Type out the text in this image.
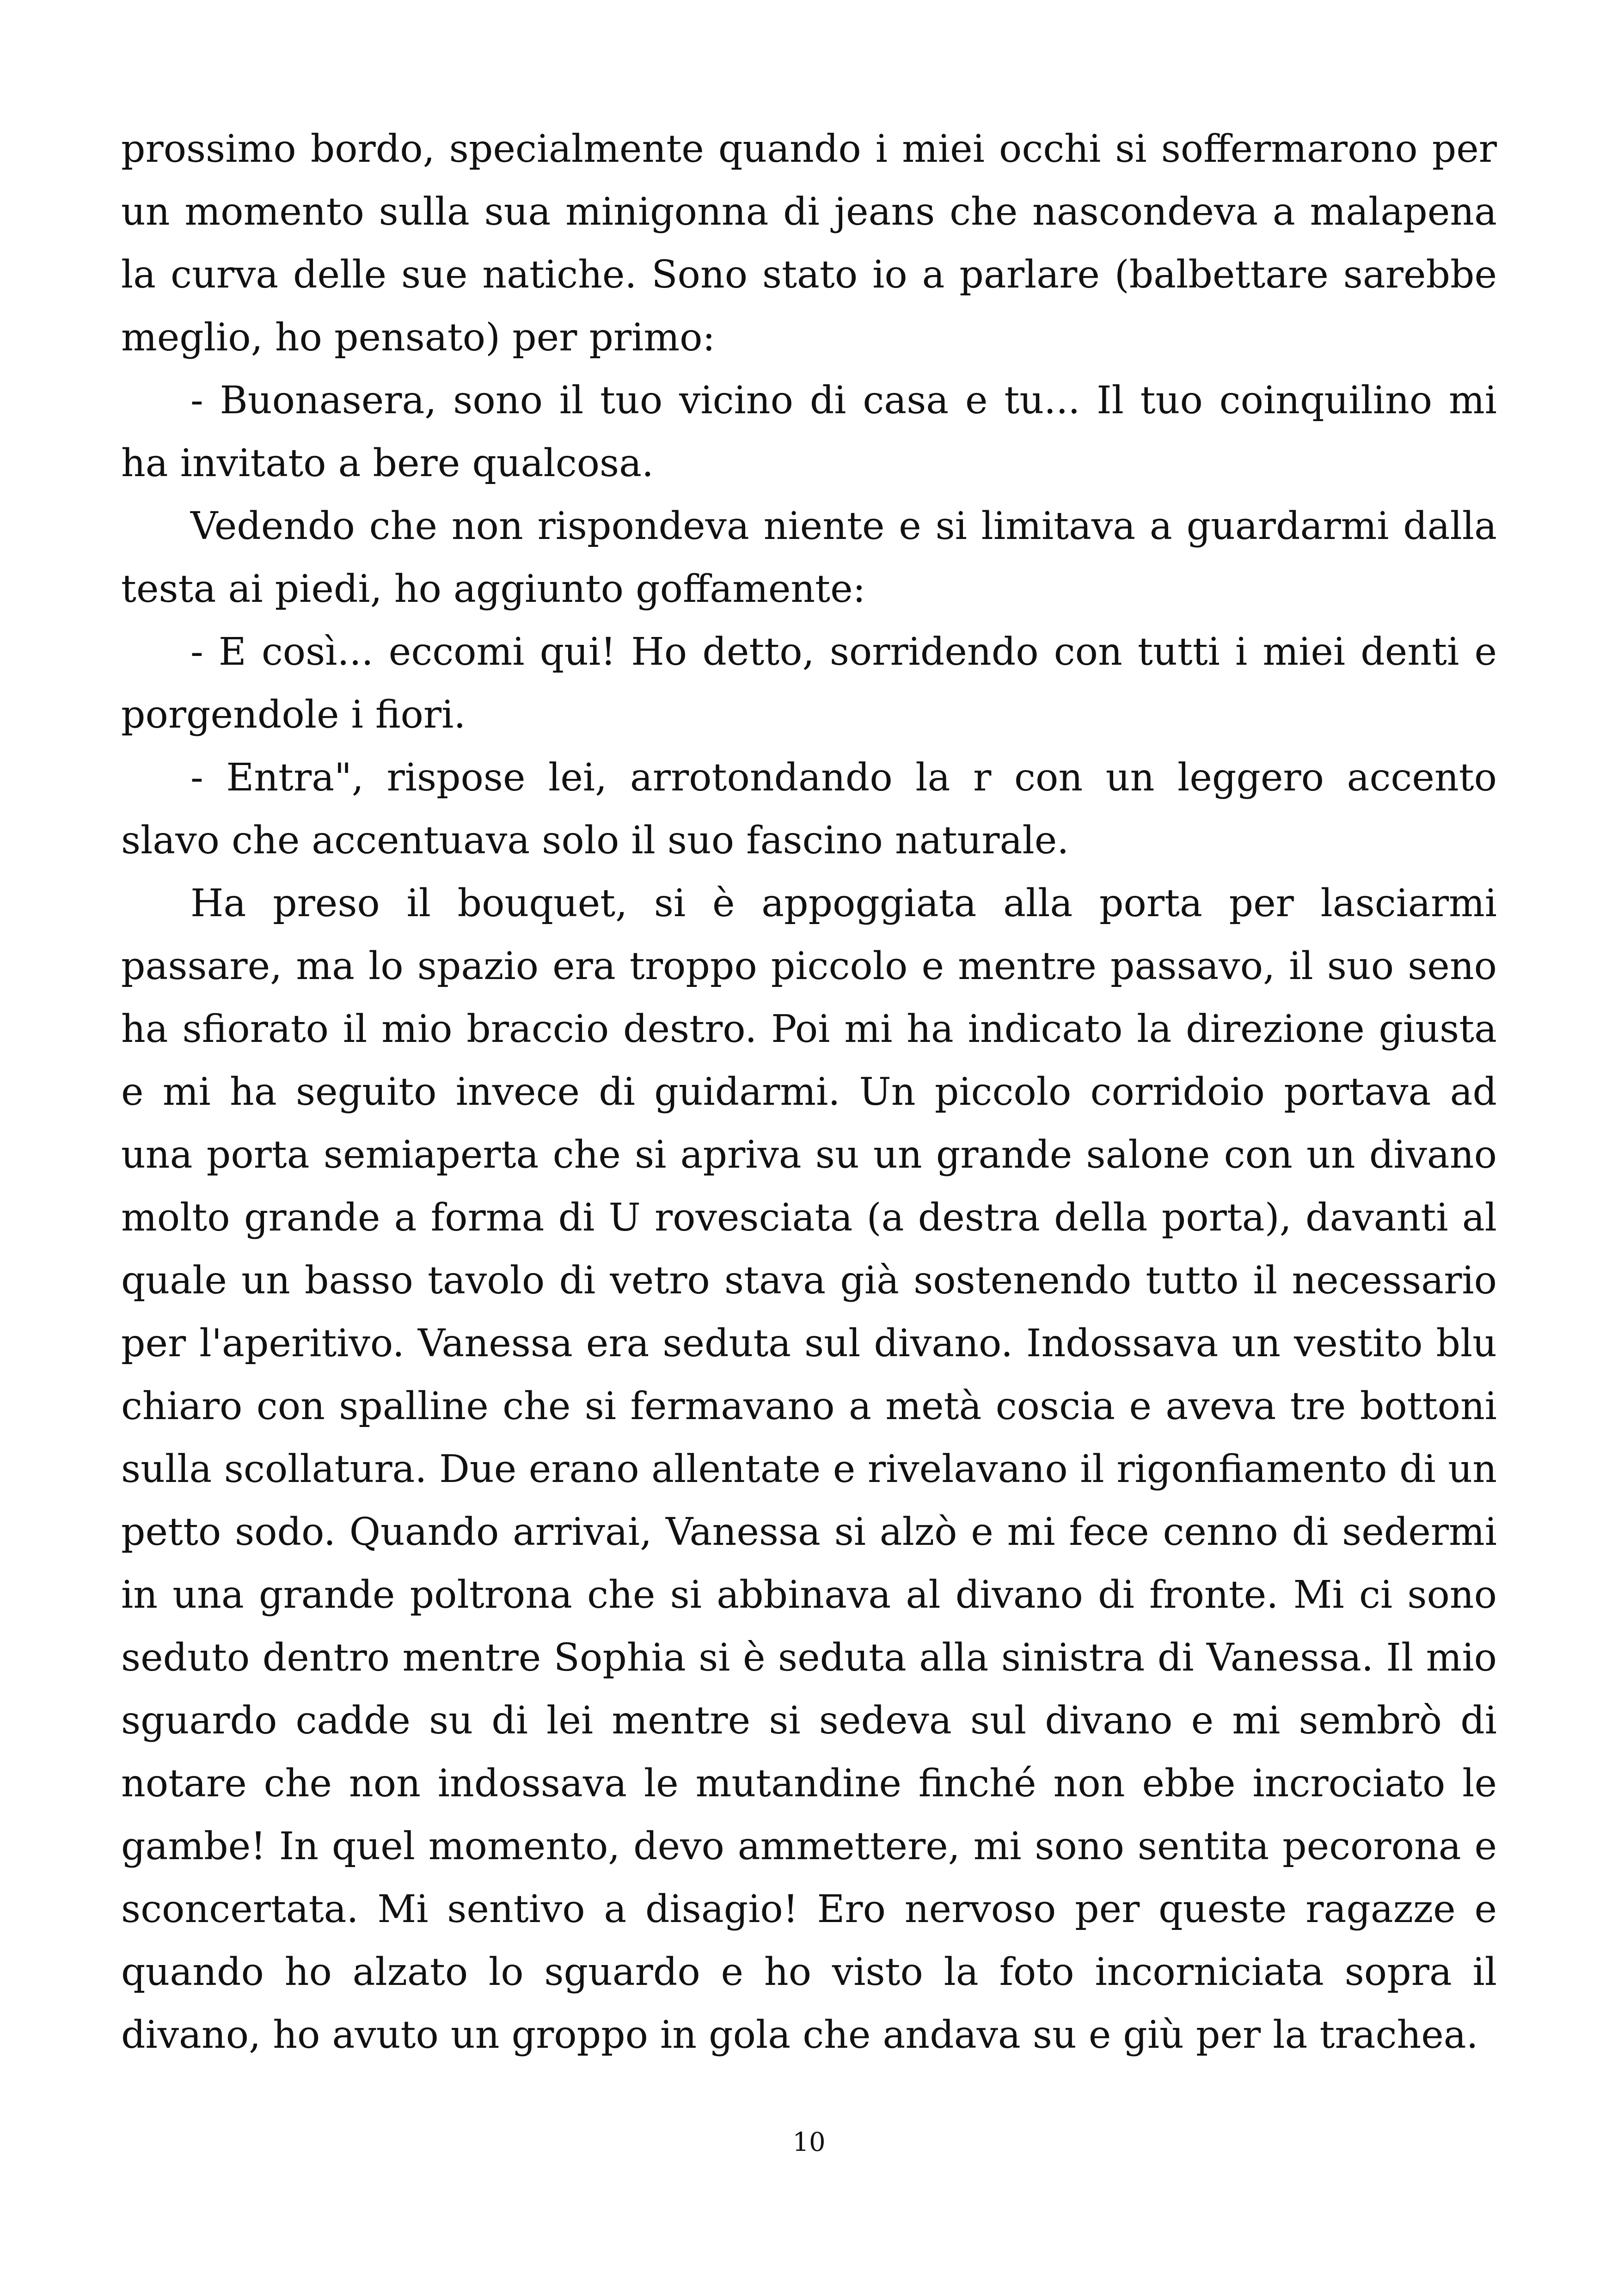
prossimo bordo, specialmente quando i miei occhi si soffermarono per un momento sulla sua minigonna di jeans che nascondeva a malapena la curva delle sue natiche. Sono stato io a parlare (balbettare sarebbe meglio, ho pensato) per primo:

- Buonasera, sono il tuo vicino di casa e tu... Il tuo coinquilino mi ha invitato a bere qualcosa.

Vedendo che non rispondeva niente e si limitava a guardarmi dalla testa ai piedi, ho aggiunto goffamente:

- E così... eccomi qui! Ho detto, sorridendo con tutti i miei denti e porgendole i fiori.

- Entra", rispose lei, arrotondando la r con un leggero accento slavo che accentuava solo il suo fascino naturale.

Ha preso il bouquet, si è appoggiata alla porta per lasciarmi passare, ma lo spazio era troppo piccolo e mentre passavo, il suo seno ha sfiorato il mio braccio destro. Poi mi ha indicato la direzione giusta e mi ha seguito invece di guidarmi. Un piccolo corridoio portava ad una porta semiaperta che si apriva su un grande salone con un divano molto grande a forma di U rovesciata (a destra della porta), davanti al quale un basso tavolo di vetro stava già sostenendo tutto il necessario per l'aperitivo. Vanessa era seduta sul divano. Indossava un vestito blu chiaro con spalline che si fermavano a metà coscia e aveva tre bottoni sulla scollatura. Due erano allentate e rivelavano il rigonfiamento di un petto sodo. Quando arrivai, Vanessa si alzò e mi fece cenno di sedermi in una grande poltrona che si abbinava al divano di fronte. Mi ci sono seduto dentro mentre Sophia si è seduta alla sinistra di Vanessa. Il mio sguardo cadde su di lei mentre si sedeva sul divano e mi sembrò di notare che non indossava le mutandine finché non ebbe incrociato le gambe! In quel momento, devo ammettere, mi sono sentita pecorona e sconcertata. Mi sentivo a disagio! Ero nervoso per queste ragazze e quando ho alzato lo sguardo e ho visto la foto incorniciata sopra il divano, ho avuto un groppo in gola che andava su e giù per la trachea.

10
